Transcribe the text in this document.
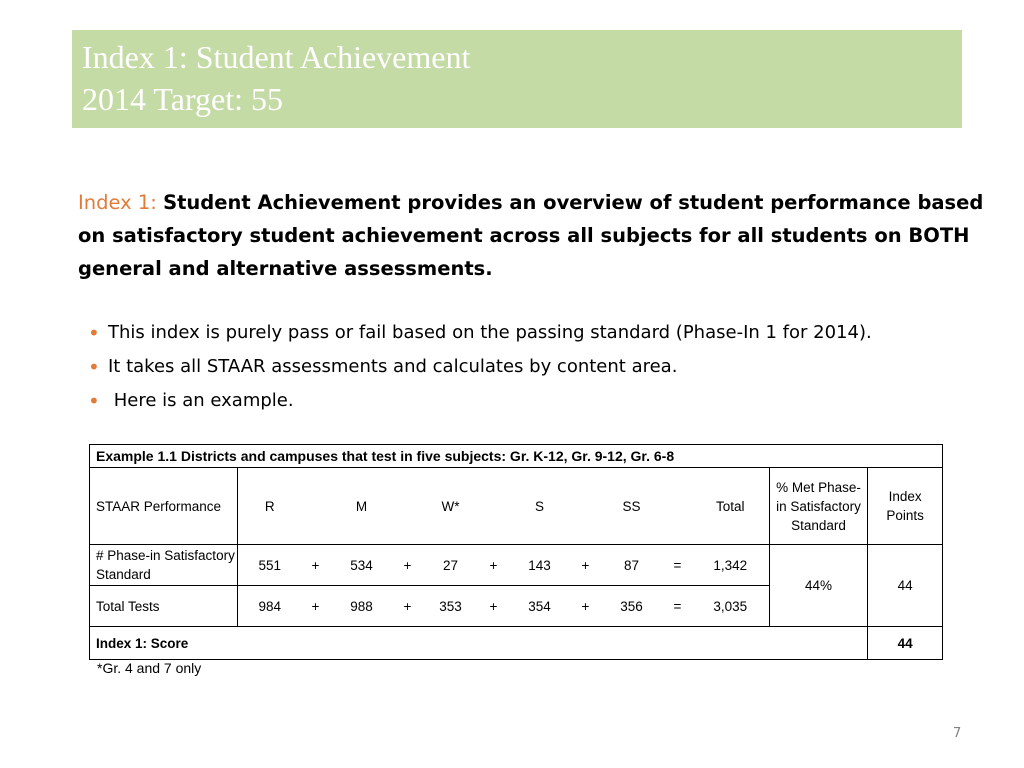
Index 1: Student Achievement
2014 Target: 55
Index 1: Student Achievement provides an overview of student performance based on satisfactory student achievement across all subjects for all students on BOTH general and alternative assessments.
• This index is purely pass or fail based on the passing standard (Phase-In 1 for 2014).
• It takes all STAAR assessments and calculates by content area.
• Here is an example.
Example 1.1 Districts and campuses that test in five subjects: Gr. K-12, Gr. 9-12, Gr. 6-8													
STAAR Performance	R		M		W*		S		SS		Total	% Met Phase-in Satisfactory Standard	Index Points
# Phase-in Satisfactory Standard	551	+	534	+	27	+	143	+	87	=	1,342	44%	44
Total Tests	984	+	988	+	353	+	354	+	356	=	3,035		
Index 1: Score													44
*Gr. 4 and 7 only
7
